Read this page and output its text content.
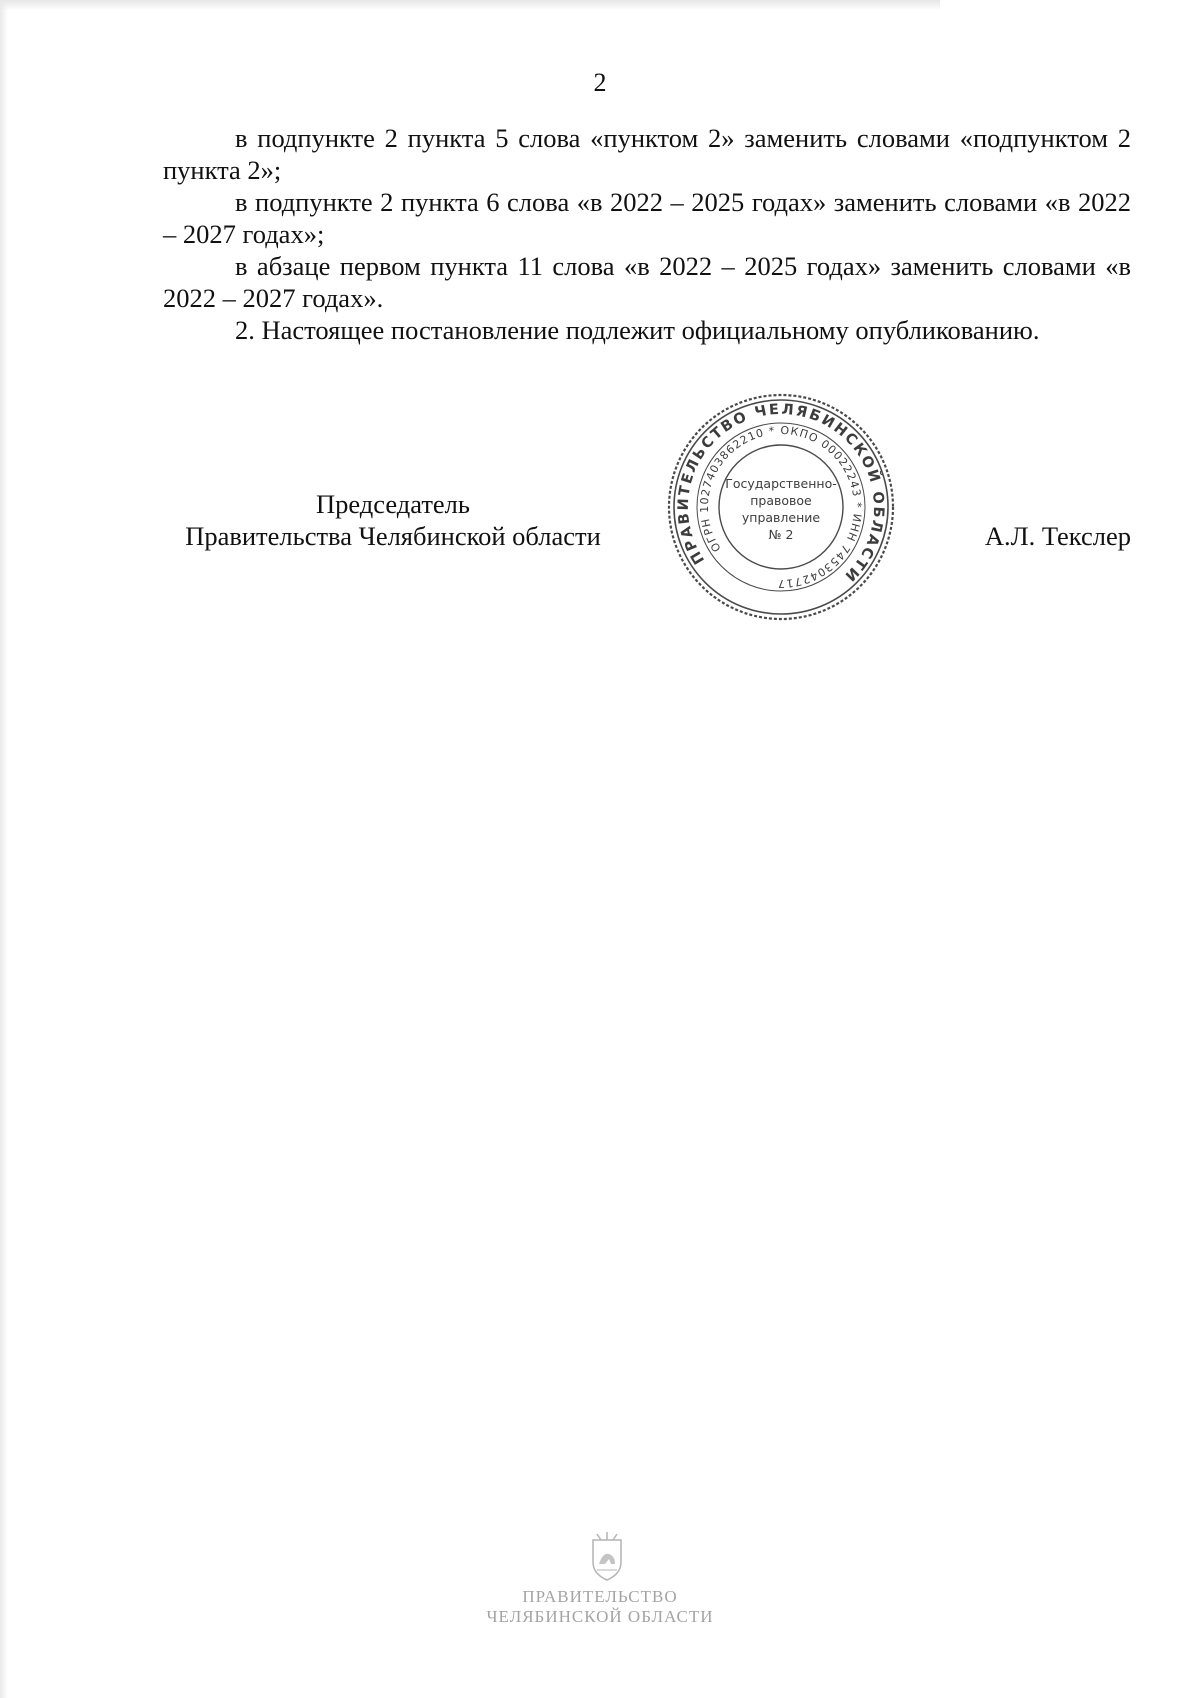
2

в подпункте 2 пункта 5 слова «пунктом 2» заменить словами «подпунктом 2 пункта 2»;

в подпункте 2 пункта 6 слова «в 2022 – 2025 годах» заменить словами «в 2022 – 2027 годах»;

в абзаце первом пункта 11 слова «в 2022 – 2025 годах» заменить словами «в 2022 – 2027 годах».

2. Настоящее постановление подлежит официальному опубликованию.

Председатель
Правительства Челябинской области	А.Л. Текслер
ПРАВИТЕЛЬСТВО ЧЕЛЯБИНСКОЙ ОБЛАСТИ
ОГРН 1027403862210 * ОКПО 00022243 * ИНН 7453042717
Государственно-
правовое
управление
№ 2
ПРАВИТЕЛЬСТВО
ЧЕЛЯБИНСКОЙ ОБЛАСТИ
